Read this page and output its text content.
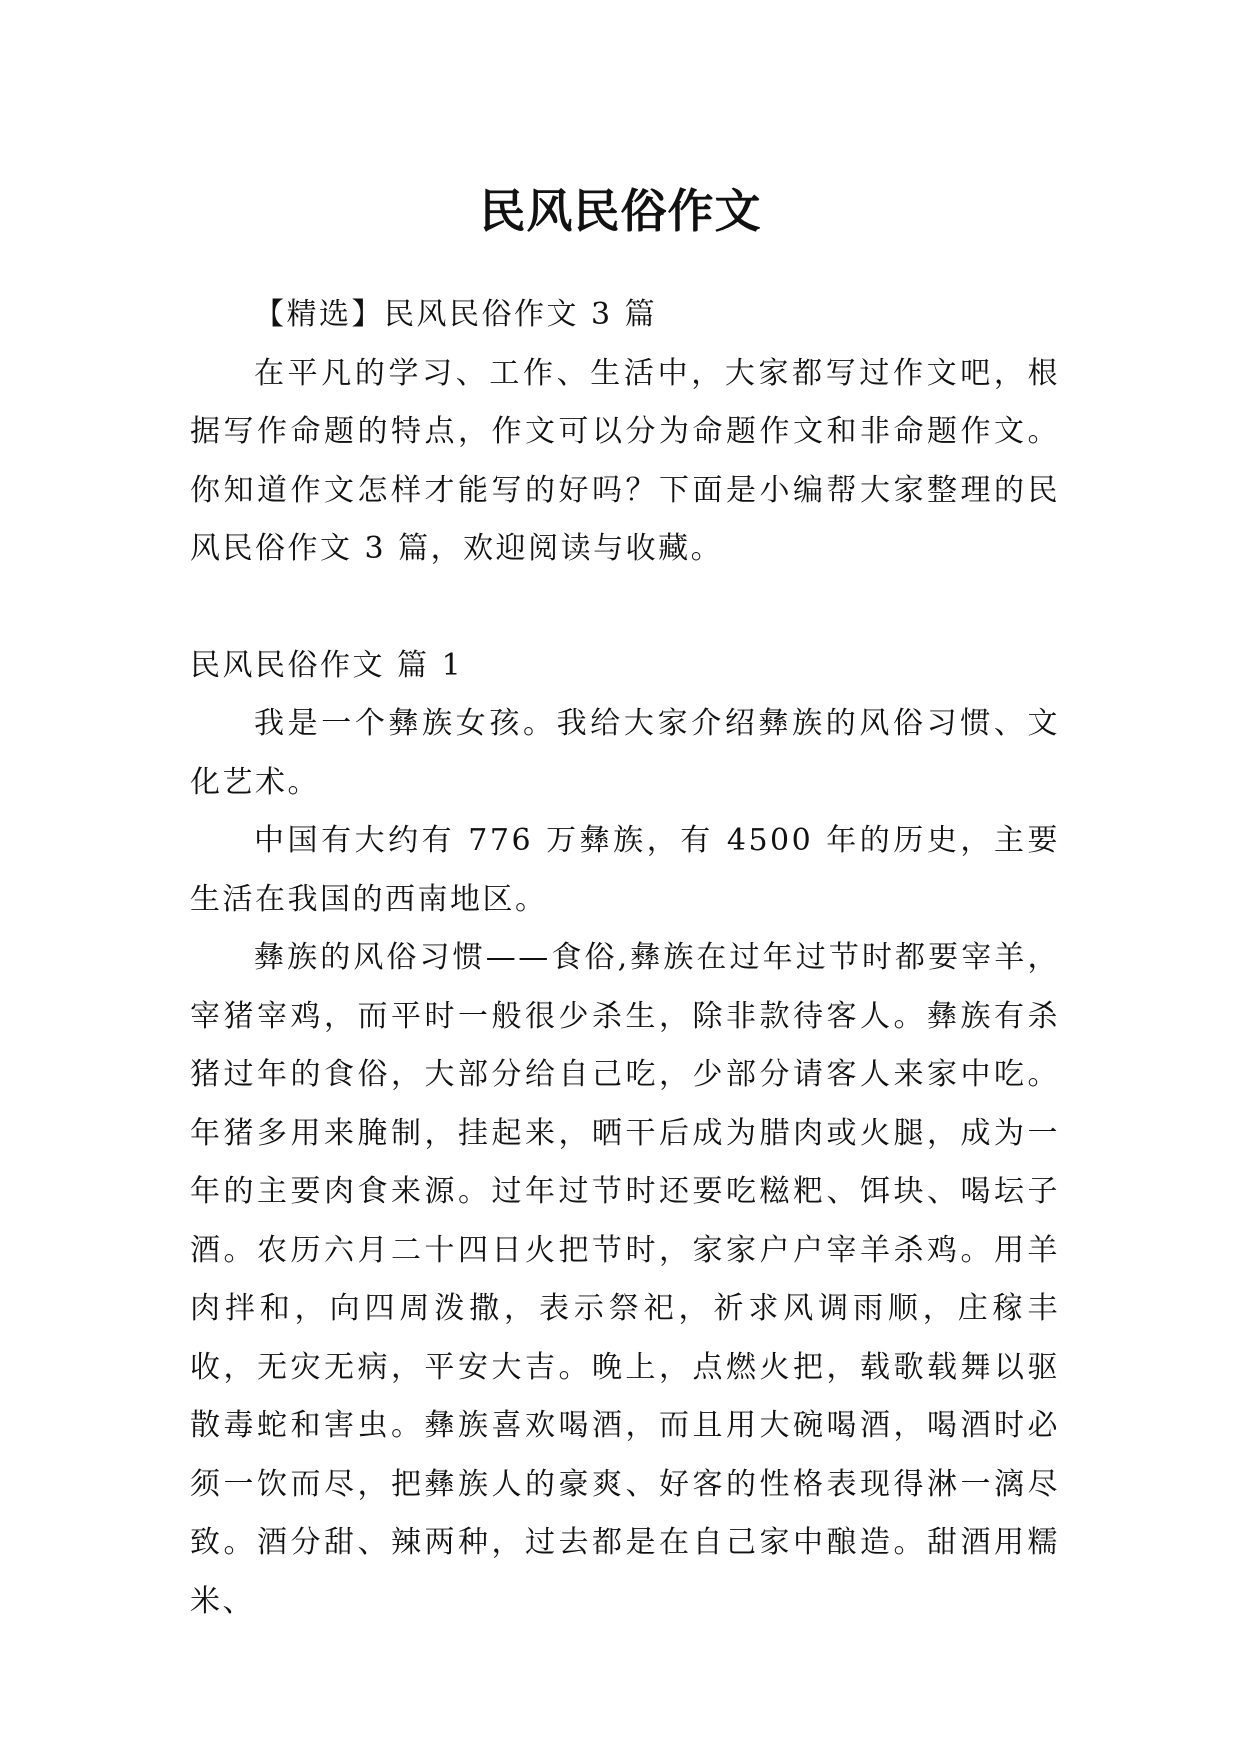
民风民俗作文

【精选】民风民俗作文 3 篇

在平凡的学习、工作、生活中，大家都写过作文吧，根据写作命题的特点，作文可以分为命题作文和非命题作文。你知道作文怎样才能写的好吗？下面是小编帮大家整理的民风民俗作文 3 篇，欢迎阅读与收藏。

民风民俗作文 篇 1

我是一个彝族女孩。我给大家介绍彝族的风俗习惯、文化艺术。

中国有大约有 776 万彝族，有 4500 年的历史，主要生活在我国的西南地区。

彝族的风俗习惯——食俗,彝族在过年过节时都要宰羊，宰猪宰鸡，而平时一般很少杀生，除非款待客人。彝族有杀猪过年的食俗，大部分给自己吃，少部分请客人来家中吃。年猪多用来腌制，挂起来，晒干后成为腊肉或火腿，成为一年的主要肉食来源。过年过节时还要吃糍粑、饵块、喝坛子酒。农历六月二十四日火把节时，家家户户宰羊杀鸡。用羊肉拌和，向四周泼撒，表示祭祀，祈求风调雨顺，庄稼丰收，无灾无病，平安大吉。晚上，点燃火把，载歌载舞以驱散毒蛇和害虫。彝族喜欢喝酒，而且用大碗喝酒，喝酒时必须一饮而尽，把彝族人的豪爽、好客的性格表现得淋一漓尽致。酒分甜、辣两种，过去都是在自己家中酿造。甜酒用糯米、
